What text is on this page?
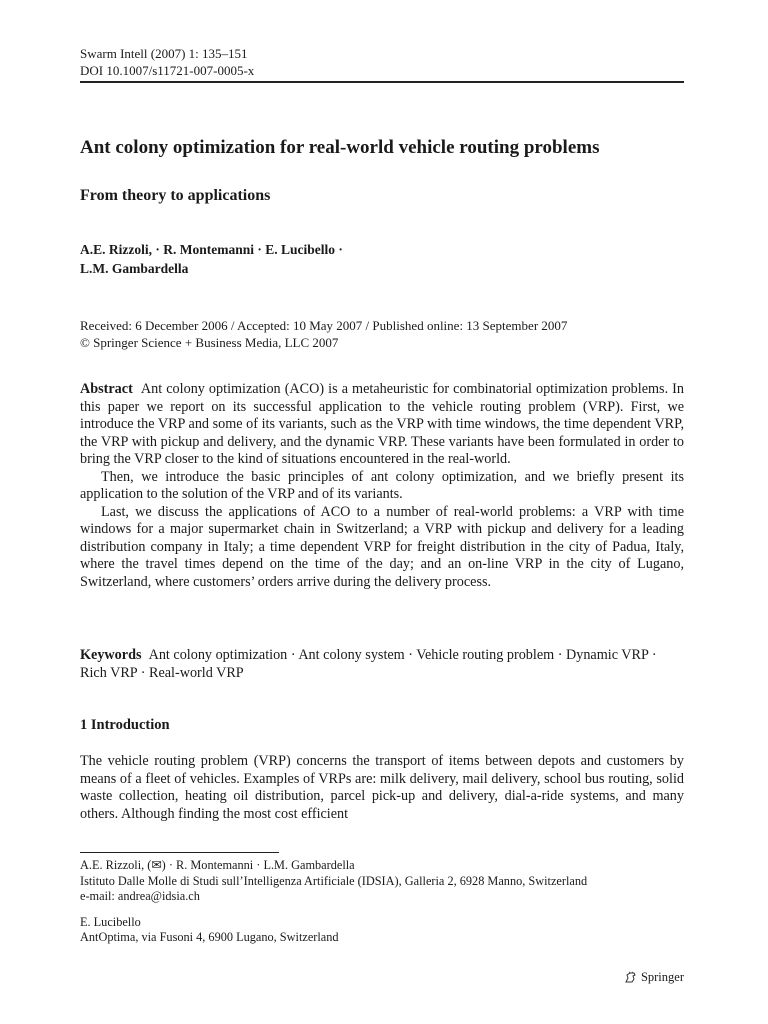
Swarm Intell (2007) 1: 135–151
DOI 10.1007/s11721-007-0005-x
Ant colony optimization for real-world vehicle routing problems
From theory to applications
A.E. Rizzoli, · R. Montemanni · E. Lucibello ·
L.M. Gambardella
Received: 6 December 2006 / Accepted: 10 May 2007 / Published online: 13 September 2007
© Springer Science + Business Media, LLC 2007

Abstract Ant colony optimization (ACO) is a metaheuristic for combinatorial optimization problems. In this paper we report on its successful application to the vehicle routing problem (VRP). First, we introduce the VRP and some of its variants, such as the VRP with time windows, the time dependent VRP, the VRP with pickup and delivery, and the dynamic VRP. These variants have been formulated in order to bring the VRP closer to the kind of situations encountered in the real-world.

Then, we introduce the basic principles of ant colony optimization, and we briefly present its application to the solution of the VRP and of its variants.

Last, we discuss the applications of ACO to a number of real-world problems: a VRP with time windows for a major supermarket chain in Switzerland; a VRP with pickup and delivery for a leading distribution company in Italy; a time dependent VRP for freight distribution in the city of Padua, Italy, where the travel times depend on the time of the day; and an on-line VRP in the city of Lugano, Switzerland, where customers’ orders arrive during the delivery process.

Keywords Ant colony optimization · Ant colony system · Vehicle routing problem · Dynamic VRP · Rich VRP · Real-world VRP
1 Introduction
The vehicle routing problem (VRP) concerns the transport of items between depots and customers by means of a fleet of vehicles. Examples of VRPs are: milk delivery, mail delivery, school bus routing, solid waste collection, heating oil distribution, parcel pick-up and delivery, dial-a-ride systems, and many others. Although finding the most cost efficient
A.E. Rizzoli, (✉) · R. Montemanni · L.M. Gambardella
Istituto Dalle Molle di Studi sull’Intelligenza Artificiale (IDSIA), Galleria 2, 6928 Manno, Switzerland
e-mail: andrea@idsia.ch
E. Lucibello
AntOptima, via Fusoni 4, 6900 Lugano, Switzerland
Springer
